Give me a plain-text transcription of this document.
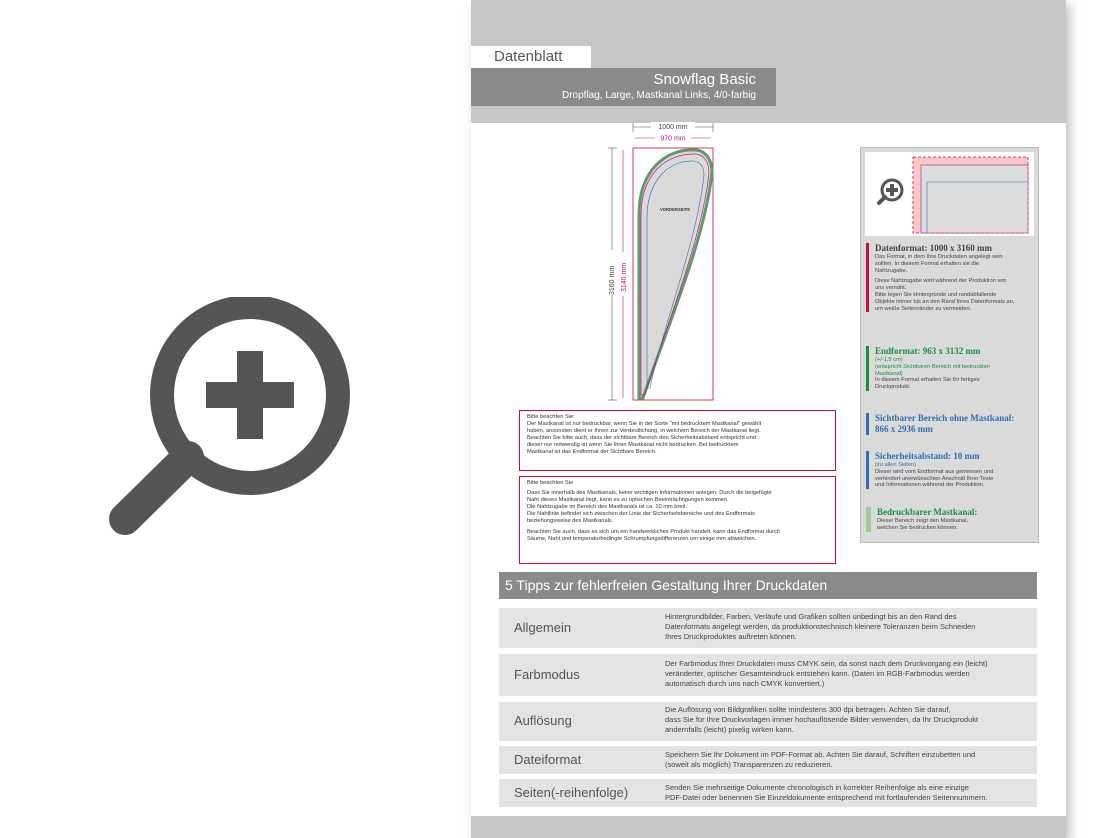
Datenblatt
Snowflag Basic
Dropflag, Large, Mastkanal Links, 4/0-farbig
1000 mm
970 mm
3160 mm 3140 mm
VORDERSEITE

Bitte beachten Sie:

Der Mastkanal ist nur bedruckbar, wenn Sie in der Sorte "mit bedrucktem Mastkanal" gewählt

haben, ansonsten dient er Ihnen zur Verdeutlichung, in welchem Bereich der Mastkanal liegt.

Beachten Sie bitte auch, dass der sichtbare Bereich den Sicherheitsabstand entspricht und

dieser nur notwendig ist wenn Sie Ihren Mastkanal nicht bedrucken. Bei bedrucktem

Mastkanal ist das Endformat der Sichtbare Bereich.

Bitte beachten Sie

Dass Sie innerhalb des Mastkanals, keine wichtigen Informationen anlegen. Durch die beigefügte

Naht dieses Mastkanal liegt, kann es zu optischen Beeinträchtigungen kommen.

Die Nahtzugabe im Bereich des Mastkanals ist ca. 10 mm breit.

Die Nahtlinie befindet sich zwischen der Linie der Sicherheitsbereiche und des Endformats

beziehungsweise des Mastkanals.

Beachten Sie auch, dass es sich um ein handwerkliches Produkt handelt, kann das Endformat durch

Säume, Naht und temperaturbedingte Schrumpfungsdifferenzen um einige mm abweichen.

Datenformat: 1000 x 3160 mm
Das Format, in dem Ihre Druckdaten angelegt sein
sollten. In diesem Format erhalten sie die
Nahtzugabe.
Diese Nahtzugabe wird während der Produktion von
uns vernäht.
Bitte legen Sie Hintergründe und randabfallende
Objekte immer bis an den Rand Ihres Datenformats an,
um weiße Seitenränder zu vermeiden.
Endformat: 963 x 3132 mm
(+/-1,5 cm)
(entspricht Sichtbaren Bereich mit bedruckten
Mastkanal)
In diesem Format erhalten Sie Ihr fertiges
Druckprodukt.
Sichtbarer Bereich ohne Mastkanal:
866 x 2936 mm
Sicherheitsabstand: 10 mm
(zu allen Seiten)
Dieser wird vom Endformat aus gemessen und
verhindert unerwünschten Anschnitt Ihrer Texte
und Informationen während der Produktion.
Bedruckbarer Mastkanal:
Dieser Bereich zeigt den Mastkanal,
welchen Sie bedrucken können.
5 Tipps zur fehlerfreien Gestaltung Ihrer Druckdaten
Allgemein
Hintergrundbilder, Farben, Verläufe und Grafiken sollten unbedingt bis an den Rand des
Datenformats angelegt werden, da produktionstechnisch kleinere Toleranzen beim Schneiden
Ihres Druckproduktes auftreten können.
Farbmodus
Der Farbmodus Ihrer Druckdaten muss CMYK sein, da sonst nach dem Druckvorgang ein (leicht)
veränderter, optischer Gesamteindruck entstehen kann. (Daten im RGB-Farbmodus werden
automatisch durch uns nach CMYK konvertiert.)
Auflösung
Die Auflösung von Bildgrafiken sollte mindestens 300 dpi betragen. Achten Sie darauf,
dass Sie für Ihre Druckvorlagen immer hochauflösende Bilder verwenden, da Ihr Druckprodukt
andernfalls (leicht) pixelig wirken kann.
Dateiformat	Speichern Sie Ihr Dokument im PDF-Format ab. Achten Sie darauf, Schriften einzubetten und
(soweit als möglich) Transparenzen zu reduzieren.
Seiten(-reihenfolge)	Senden Sie mehrseitige Dokumente chronologisch in korrekter Reihenfolge als eine einzige
PDF-Datei oder benennen Sie Einzeldokumente entsprechend mit fortlaufenden Seitennummern.
